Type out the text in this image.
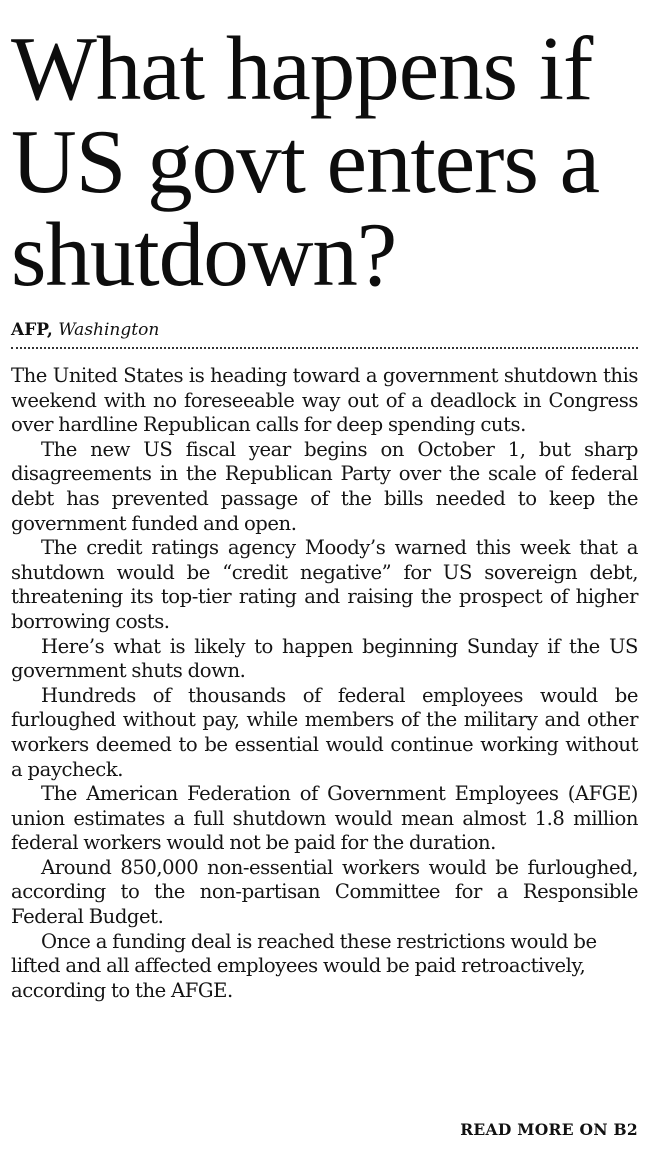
What happens if
US govt enters a
shutdown?
AFP, Washington

The United States is heading toward a government shutdown this weekend with no foreseeable way out of a deadlock in Congress over hardline Republican calls for deep spending cuts.

The new US fiscal year begins on October 1, but sharp disagreements in the Republican Party over the scale of federal debt has prevented passage of the bills needed to keep the government funded and open.

The credit ratings agency Moody’s warned this week that a shutdown would be “credit negative” for US sovereign debt, threatening its top-tier rating and raising the prospect of higher borrowing costs.

Here’s what is likely to happen beginning Sunday if the US government shuts down.

Hundreds of thousands of federal employees would be furloughed without pay, while members of the military and other workers deemed to be essential would continue working without a paycheck.

The American Federation of Government Employees (AFGE) union estimates a full shutdown would mean almost 1.8 million federal workers would not be paid for the duration.

Around 850,000 non-essential workers would be furloughed, according to the non-partisan Committee for a Responsible Federal Budget.

Once a funding deal is reached these restrictions would be lifted and all affected employees would be paid retroactively, according to the AFGE.

READ MORE ON B2
